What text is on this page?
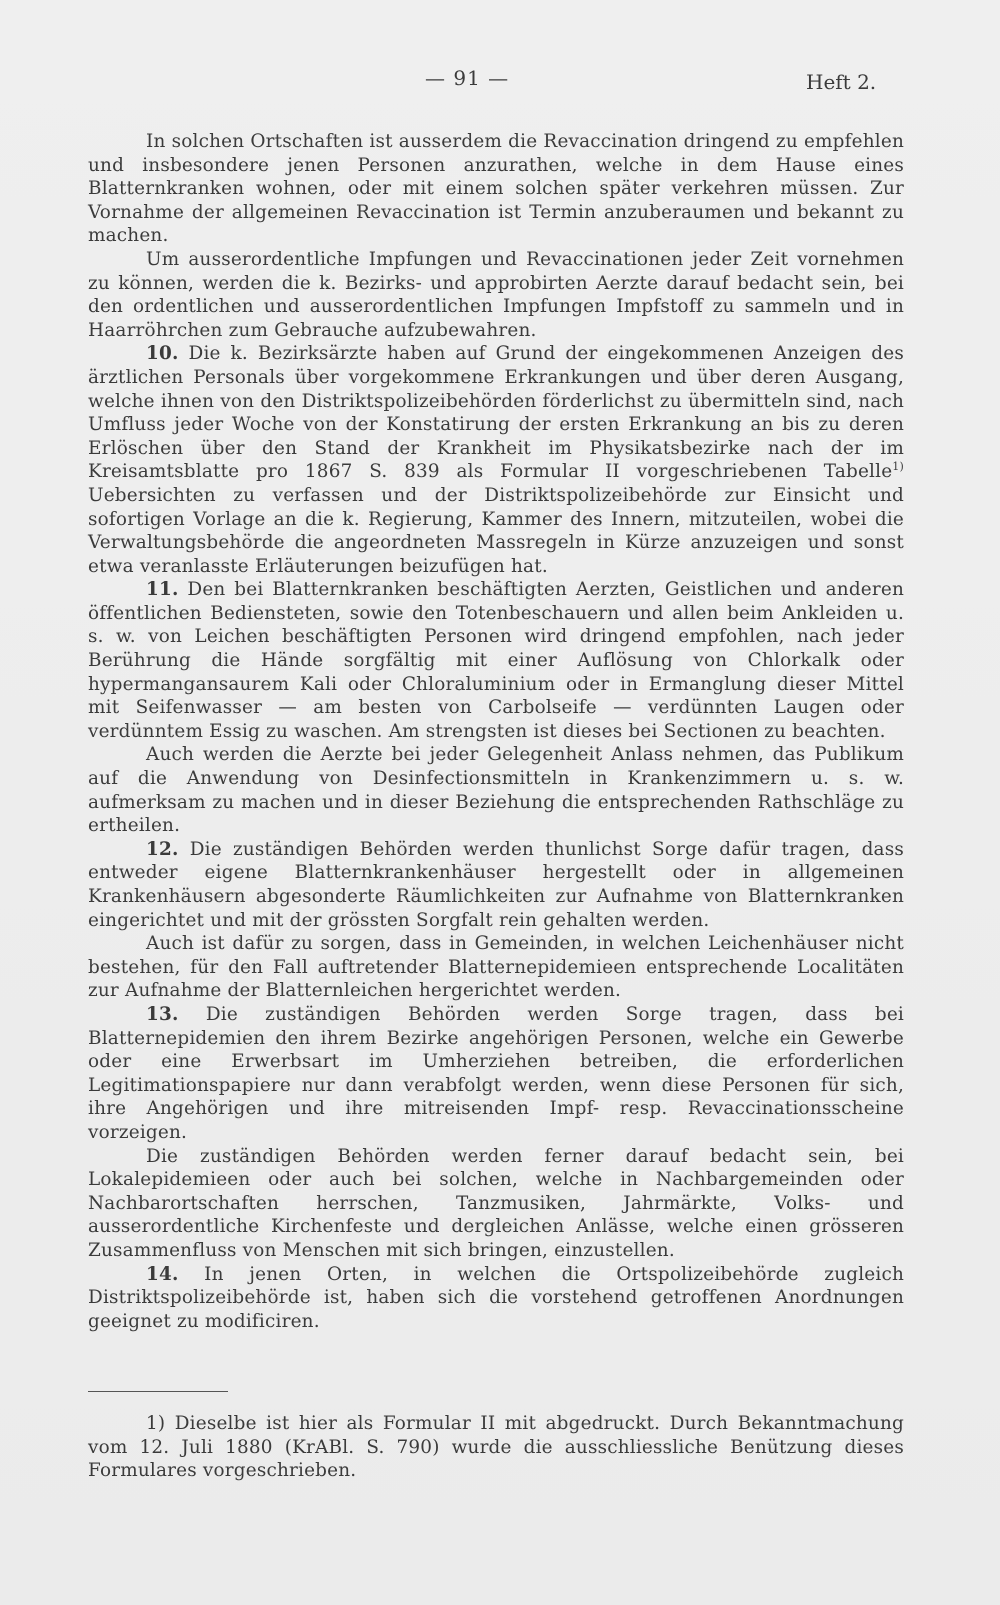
— 91 —	Heft 2.

In solchen Ortschaften ist ausserdem die Revaccination dringend zu empfehlen und insbesondere jenen Personen anzurathen, welche in dem Hause eines Blatternkranken wohnen, oder mit einem solchen später verkehren müssen. Zur Vornahme der allgemeinen Revaccination ist Termin anzuberaumen und bekannt zu machen.

Um ausserordentliche Impfungen und Revaccinationen jeder Zeit vornehmen zu können, werden die k. Bezirks- und approbirten Aerzte darauf bedacht sein, bei den ordentlichen und ausserordentlichen Impfungen Impfstoff zu sammeln und in Haarröhrchen zum Gebrauche aufzubewahren.

10. Die k. Bezirksärzte haben auf Grund der eingekommenen Anzeigen des ärztlichen Personals über vorgekommene Erkrankungen und über deren Ausgang, welche ihnen von den Distriktspolizeibehörden förderlichst zu übermitteln sind, nach Umfluss jeder Woche von der Konstatirung der ersten Erkrankung an bis zu deren Erlöschen über den Stand der Krankheit im Physikatsbezirke nach der im Kreisamtsblatte pro 1867 S. 839 als Formular II vorgeschriebenen Tabelle$^{1)}$ Uebersichten zu verfassen und der Distriktspolizeibehörde zur Einsicht und sofortigen Vorlage an die k. Regierung, Kammer des Innern, mitzuteilen, wobei die Verwaltungsbehörde die angeordneten Massregeln in Kürze anzuzeigen und sonst etwa veranlasste Erläuterungen beizufügen hat.

11. Den bei Blatternkranken beschäftigten Aerzten, Geistlichen und anderen öffentlichen Bediensteten, sowie den Totenbeschauern und allen beim Ankleiden u. s. w. von Leichen beschäftigten Personen wird dringend empfohlen, nach jeder Berührung die Hände sorgfältig mit einer Auflösung von Chlorkalk oder hypermangansaurem Kali oder Chloraluminium oder in Ermanglung dieser Mittel mit Seifenwasser — am besten von Carbolseife — verdünnten Laugen oder verdünntem Essig zu waschen. Am strengsten ist dieses bei Sectionen zu beachten.

Auch werden die Aerzte bei jeder Gelegenheit Anlass nehmen, das Publikum auf die Anwendung von Desinfectionsmitteln in Krankenzimmern u. s. w. aufmerksam zu machen und in dieser Beziehung die entsprechenden Rathschläge zu ertheilen.

12. Die zuständigen Behörden werden thunlichst Sorge dafür tragen, dass entweder eigene Blatternkrankenhäuser hergestellt oder in allgemeinen Krankenhäusern abgesonderte Räumlichkeiten zur Aufnahme von Blatternkranken eingerichtet und mit der grössten Sorgfalt rein gehalten werden.

Auch ist dafür zu sorgen, dass in Gemeinden, in welchen Leichenhäuser nicht bestehen, für den Fall auftretender Blatternepidemieen entsprechende Localitäten zur Aufnahme der Blatternleichen hergerichtet werden.

13. Die zuständigen Behörden werden Sorge tragen, dass bei Blatternepidemien den ihrem Bezirke angehörigen Personen, welche ein Gewerbe oder eine Erwerbsart im Umherziehen betreiben, die erforderlichen Legitimationspapiere nur dann verabfolgt werden, wenn diese Personen für sich, ihre Angehörigen und ihre mitreisenden Impf- resp. Revaccinationsscheine vorzeigen.

Die zuständigen Behörden werden ferner darauf bedacht sein, bei Lokalepidemieen oder auch bei solchen, welche in Nachbargemeinden oder Nachbarortschaften herrschen, Tanzmusiken, Jahrmärkte, Volks- und ausserordentliche Kirchenfeste und dergleichen Anlässe, welche einen grösseren Zusammenfluss von Menschen mit sich bringen, einzustellen.

14. In jenen Orten, in welchen die Ortspolizeibehörde zugleich Distriktspolizeibehörde ist, haben sich die vorstehend getroffenen Anordnungen geeignet zu modificiren.

1) Dieselbe ist hier als Formular II mit abgedruckt. Durch Bekanntmachung vom 12. Juli 1880 (KrABl. S. 790) wurde die ausschliessliche Benützung dieses Formulares vorgeschrieben.
